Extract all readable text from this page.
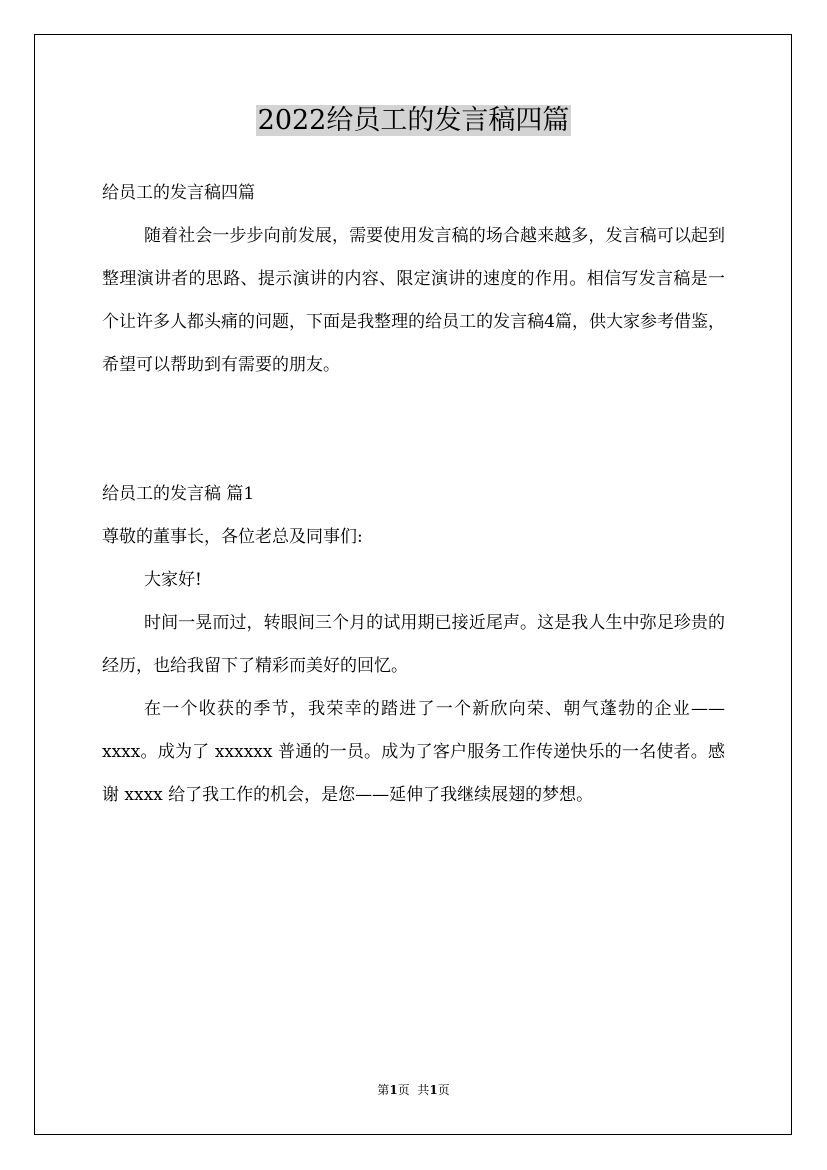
2022给员工的发言稿四篇

给员工的发言稿四篇

随着社会一步步向前发展，需要使用发言稿的场合越来越多，发言稿可以起到整理演讲者的思路、提示演讲的内容、限定演讲的速度的作用。相信写发言稿是一个让许多人都头痛的问题，下面是我整理的给员工的发言稿4篇，供大家参考借鉴，希望可以帮助到有需要的朋友。

给员工的发言稿 篇1

尊敬的董事长，各位老总及同事们:

大家好!

时间一晃而过，转眼间三个月的试用期已接近尾声。这是我人生中弥足珍贵的经历，也给我留下了精彩而美好的回忆。

在一个收获的季节，我荣幸的踏进了一个新欣向荣、朝气蓬勃的企业——xxxx。成为了 xxxxxx 普通的一员。成为了客户服务工作传递快乐的一名使者。感谢 xxxx 给了我工作的机会，是您——延伸了我继续展翅的梦想。

第1页  共1页
